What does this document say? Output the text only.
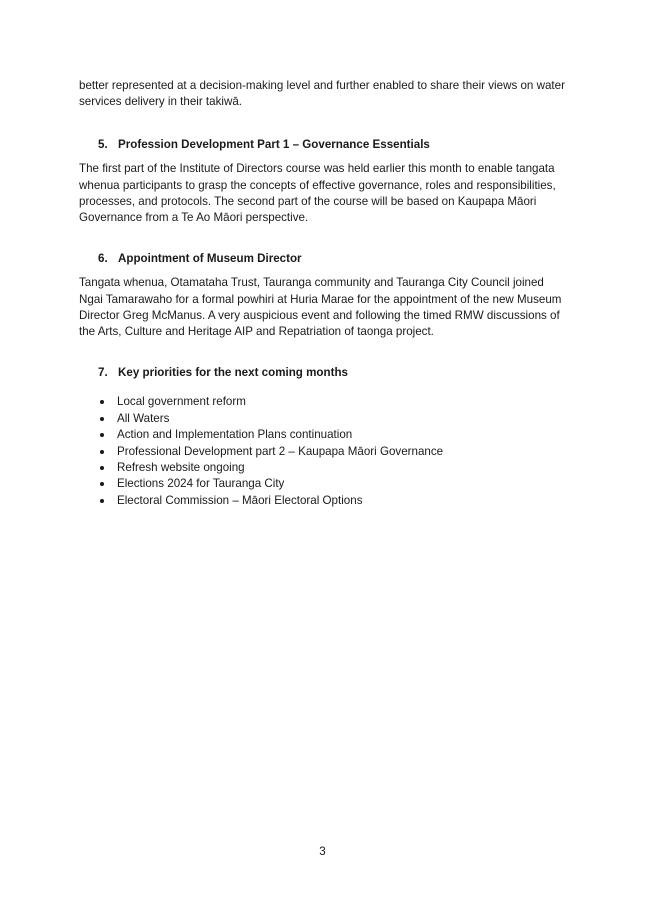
better represented at a decision-making level and further enabled to share their views on water services delivery in their takiwā.

5. Profession Development Part 1 – Governance Essentials

The first part of the Institute of Directors course was held earlier this month to enable tangata whenua participants to grasp the concepts of effective governance, roles and responsibilities, processes, and protocols. The second part of the course will be based on Kaupapa Māori Governance from a Te Ao Māori perspective.

6. Appointment of Museum Director

Tangata whenua, Otamataha Trust, Tauranga community and Tauranga City Council joined Ngai Tamarawaho for a formal powhiri at Huria Marae for the appointment of the new Museum Director Greg McManus. A very auspicious event and following the timed RMW discussions of the Arts, Culture and Heritage AIP and Repatriation of taonga project.

7. Key priorities for the next coming months
Local government reform
All Waters
Action and Implementation Plans continuation
Professional Development part 2 – Kaupapa Māori Governance
Refresh website ongoing
Elections 2024 for Tauranga City
Electoral Commission – Māori Electoral Options
3
